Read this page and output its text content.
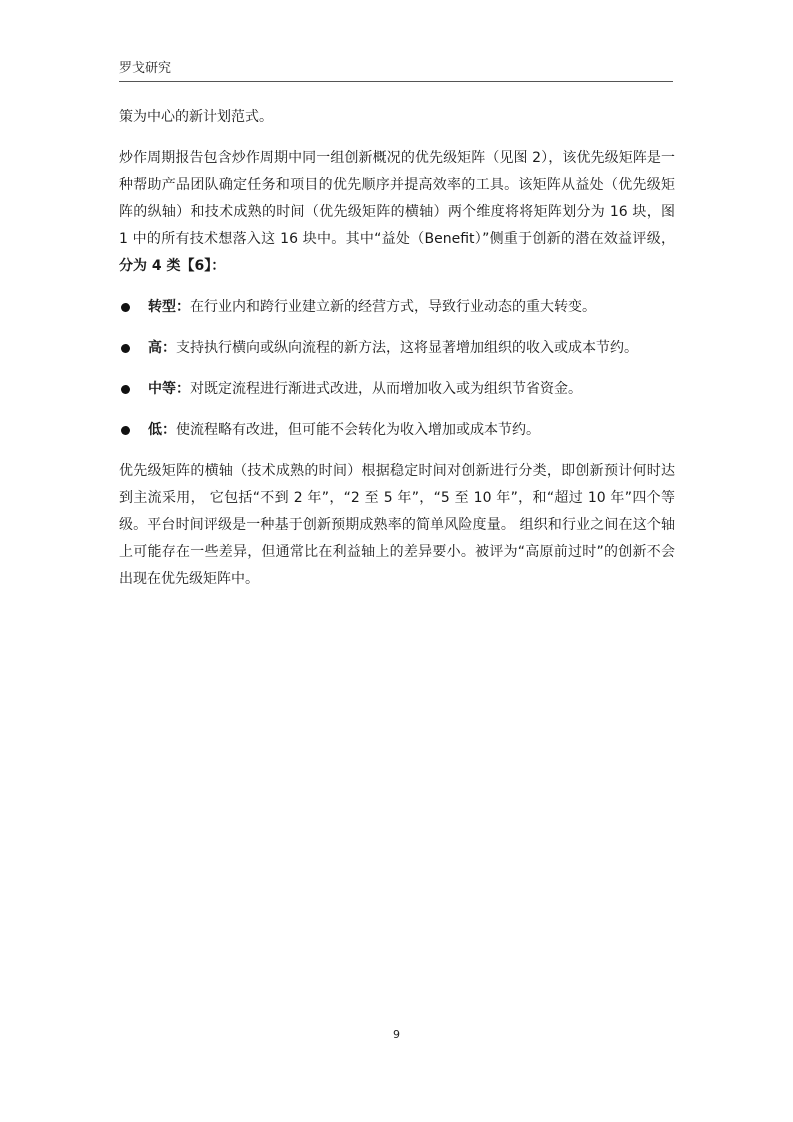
罗戈研究

策为中心的新计划范式。

炒作周期报告包含炒作周期中同一组创新概况的优先级矩阵（见图 2），该优先级矩阵是一种帮助产品团队确定任务和项目的优先顺序并提高效率的工具。该矩阵从益处（优先级矩阵的纵轴）和技术成熟的时间（优先级矩阵的横轴）两个维度将将矩阵划分为 16 块，图 1 中的所有技术想落入这 16 块中。其中“益处（Benefit）”侧重于创新的潜在效益评级，分为 4 类【6】：

转型：在行业内和跨行业建立新的经营方式，导致行业动态的重大转变。
高：支持执行横向或纵向流程的新方法，这将显著增加组织的收入或成本节约。
中等：对既定流程进行渐进式改进，从而增加收入或为组织节省资金。
低：使流程略有改进，但可能不会转化为收入增加或成本节约。

优先级矩阵的横轴（技术成熟的时间）根据稳定时间对创新进行分类，即创新预计何时达到主流采用， 它包括“不到 2 年”，“2 至 5 年”，“5 至 10 年”，和“超过 10 年”四个等级。平台时间评级是一种基于创新预期成熟率的简单风险度量。 组织和行业之间在这个轴上可能存在一些差异，但通常比在利益轴上的差异要小。被评为“高原前过时”的创新不会出现在优先级矩阵中。

9
